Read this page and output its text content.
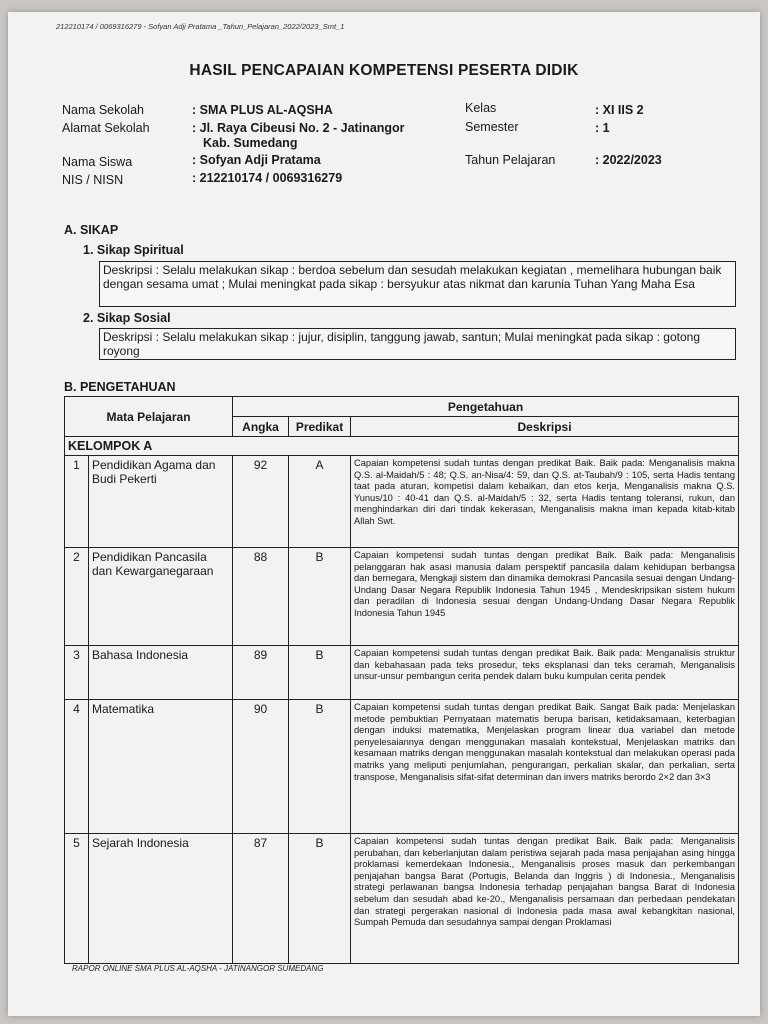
212210174 / 0069316279 - Sofyan Adji Pratama _Tahun_Pelajaran_2022/2023_Smt_1
HASIL PENCAPAIAN KOMPETENSI PESERTA DIDIK
Nama Sekolah	: SMA PLUS AL-AQSHA
Alamat Sekolah	: Jl. Raya Cibeusi No. 2 - Jatinangor
Kab. Sumedang
Nama Siswa	: Sofyan Adji Pratama
NIS / NISN	: 212210174 / 0069316279
Kelas	: XI IIS 2
Semester	: 1
Tahun Pelajaran	: 2022/2023
A. SIKAP
1. Sikap Spiritual
Deskripsi : Selalu melakukan sikap : berdoa sebelum dan sesudah melakukan kegiatan , memelihara hubungan baik dengan sesama umat ; Mulai meningkat pada sikap : bersyukur atas nikmat dan karunia Tuhan Yang Maha Esa
2. Sikap Sosial
Deskripsi : Selalu melakukan sikap : jujur, disiplin, tanggung jawab, santun; Mulai meningkat pada sikap : gotong royong
B. PENGETAHUAN
Mata Pelajaran		Pengetahuan		
		Angka	Predikat	Deskripsi
KELOMPOK A				
1	Pendidikan Agama dan Budi Pekerti	92	A	Capaian kompetensi sudah tuntas dengan predikat Baik. Baik pada: Menganalisis makna Q.S. al-Maidah/5 : 48; Q.S. an-Nisa/4: 59, dan Q.S. at-Taubah/9 : 105, serta Hadis tentang taat pada aturan, kompetisi dalam kebaikan, dan etos kerja, Menganalisis makna Q.S. Yunus/10 : 40-41 dan Q.S. al-Maidah/5 : 32, serta Hadis tentang toleransi, rukun, dan menghindarkan diri dari tindak kekerasan, Menganalisis makna iman kepada kitab-kitab Allah Swt.
2	Pendidikan Pancasila dan Kewarganegaraan	88	B	Capaian kompetensi sudah tuntas dengan predikat Baik. Baik pada: Menganalisis pelanggaran hak asasi manusia dalam perspektif pancasila dalam kehidupan berbangsa dan bernegara, Mengkaji sistem dan dinamika demokrasi Pancasila sesuai dengan Undang-Undang Dasar Negara Republik Indonesia Tahun 1945 , Mendeskripsikan sistem hukum dan peradilan di Indonesia sesuai dengan Undang-Undang Dasar Negara Republik Indonesia Tahun 1945
3	Bahasa Indonesia	89	B	Capaian kompetensi sudah tuntas dengan predikat Baik. Baik pada: Menganalisis struktur dan kebahasaan pada teks prosedur, teks eksplanasi dan teks ceramah, Menganalisis unsur-unsur pembangun cerita pendek dalam buku kumpulan cerita pendek
4	Matematika	90	B	Capaian kompetensi sudah tuntas dengan predikat Baik. Sangat Baik pada: Menjelaskan metode pembuktian Pernyataan matematis berupa barisan, ketidaksamaan, keterbagian dengan induksi matematika, Menjelaskan program linear dua variabel dan metode penyelesaiannya dengan menggunakan masalah kontekstual, Menjelaskan matriks dan kesamaan matriks dengan menggunakan masalah kontekstual dan melakukan operasi pada matriks yang meliputi penjumlahan, pengurangan, perkalian skalar, dan perkalian, serta transpose, Menganalisis sifat-sifat determinan dan invers matriks berordo 2×2 dan 3×3
5	Sejarah Indonesia	87	B	Capaian kompetensi sudah tuntas dengan predikat Baik. Baik pada: Menganalisis perubahan, dan keberlanjutan dalam peristiwa sejarah pada masa penjajahan asing hingga proklamasi kemerdekaan Indonesia., Menganalisis proses masuk dan perkembangan penjajahan bangsa Barat (Portugis, Belanda dan Inggris ) di Indonesia., Menganalisis strategi perlawanan bangsa Indonesia terhadap penjajahan bangsa Barat di Indonesia sebelum dan sesudah abad ke-20., Menganalisis persamaan dan perbedaan pendekatan dan strategi pergerakan nasional di Indonesia pada masa awal kebangkitan nasional, Sumpah Pemuda dan sesudahnya sampai dengan Proklamasi
RAPOR ONLINE SMA PLUS AL-AQSHA - JATINANGOR SUMEDANG
